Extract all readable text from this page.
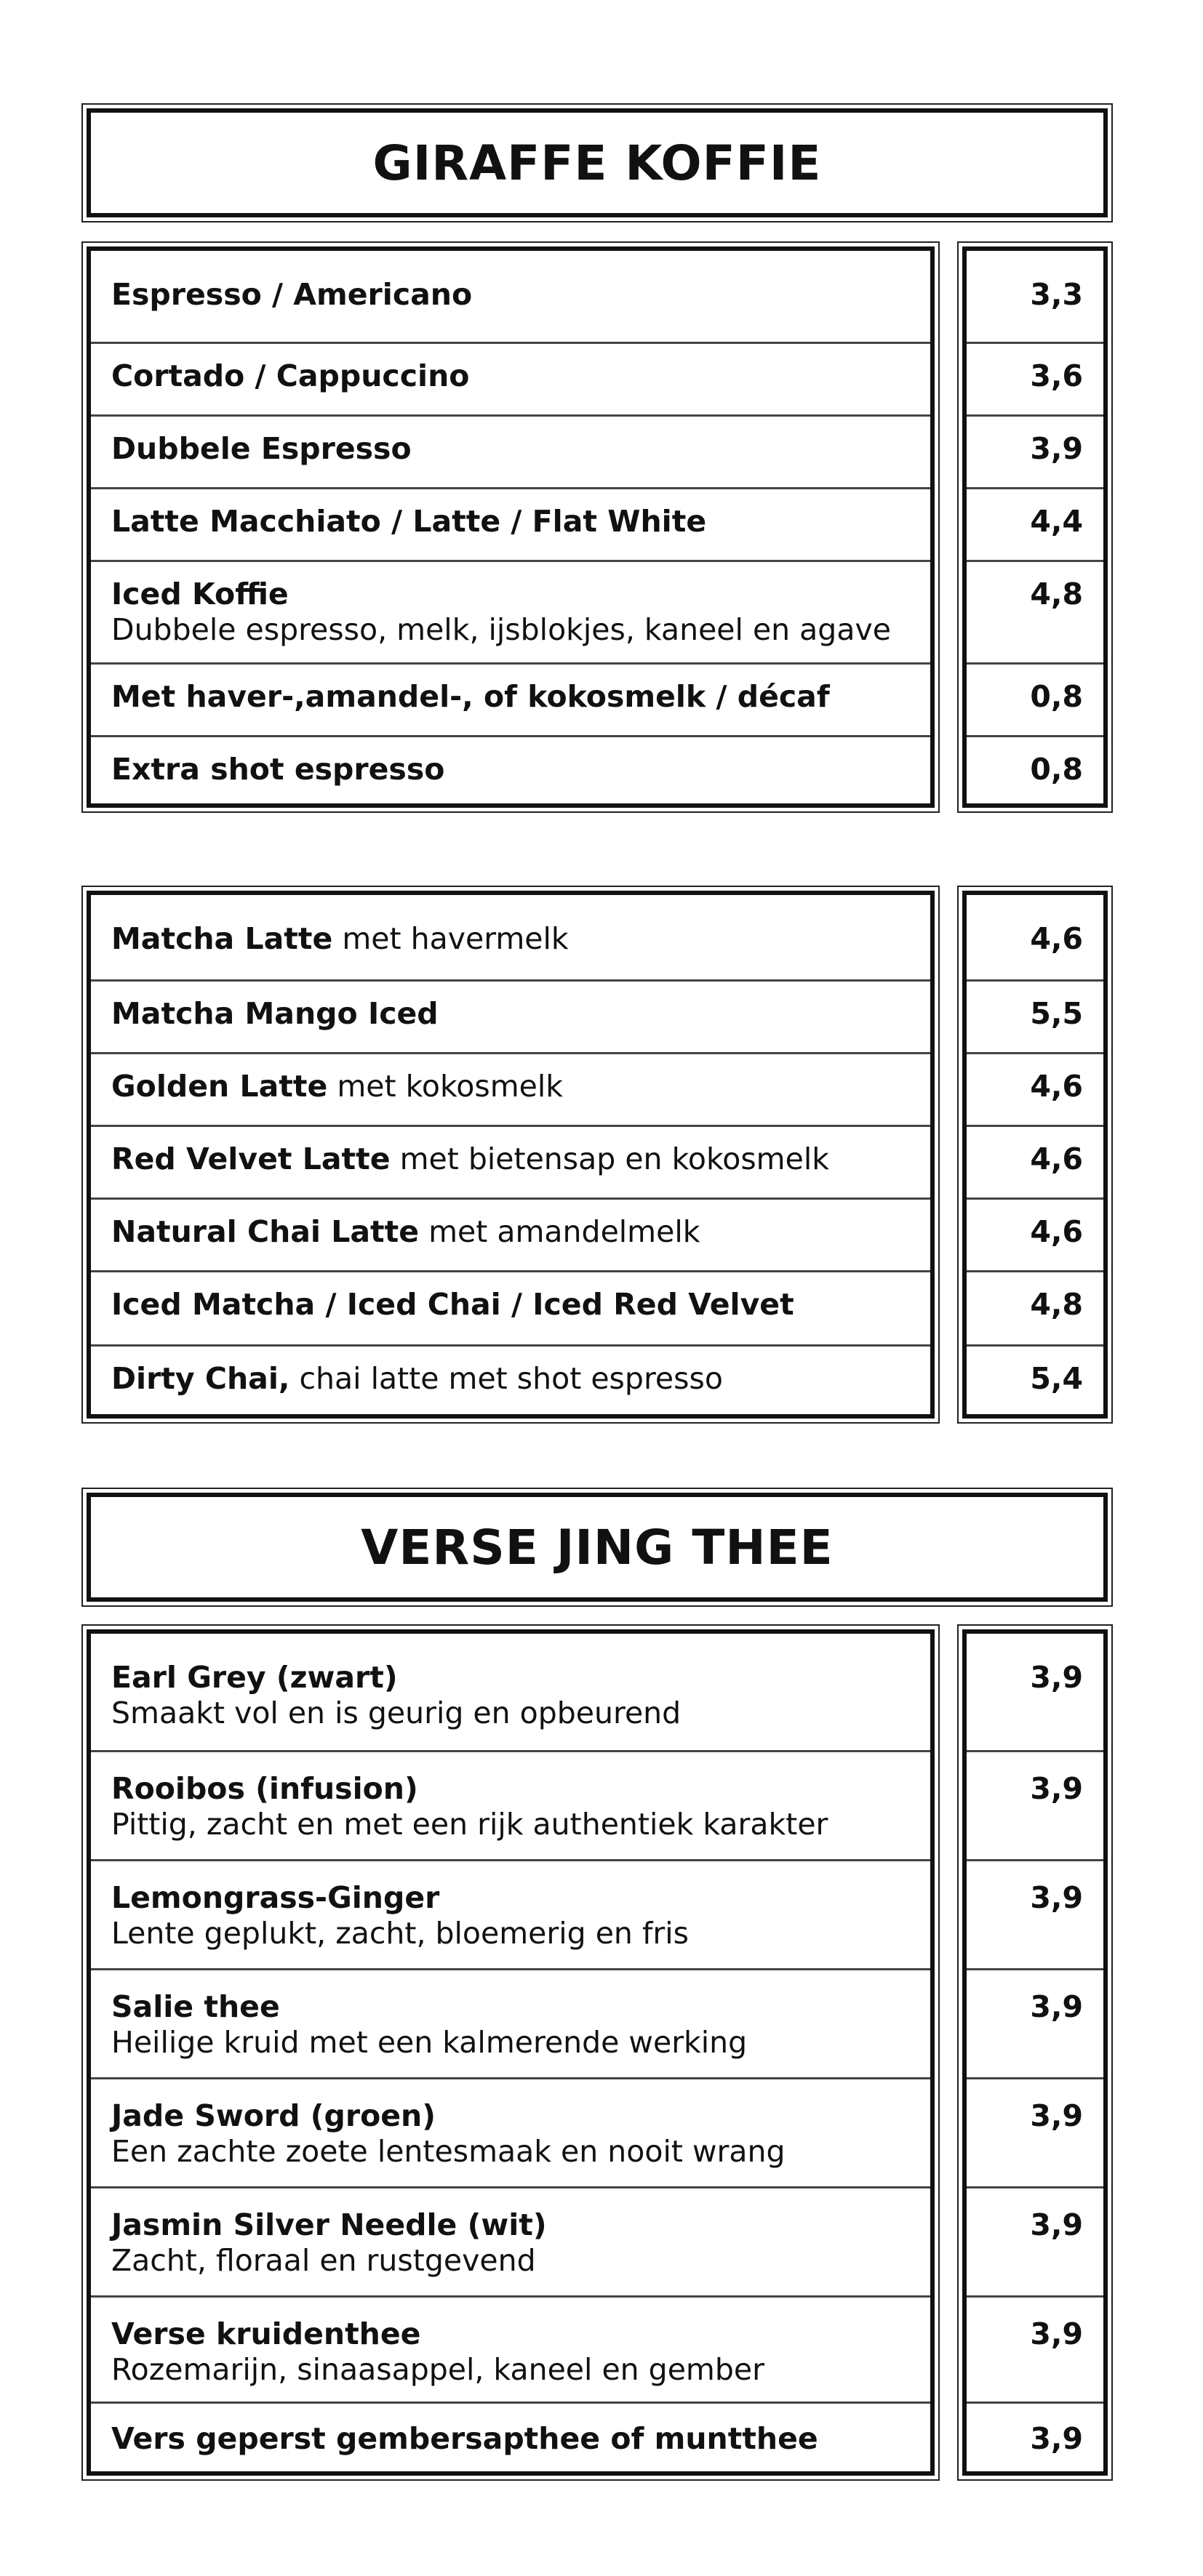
GIRAFFE KOFFIE
Espresso / Americano
Cortado / Cappuccino
Dubbele Espresso
Latte Macchiato / Latte / Flat White
Iced Koffie
Dubbele espresso, melk, ijsblokjes, kaneel en agave
Met haver-,amandel-, of kokosmelk / décaf
Extra shot espresso
3,3
3,6
3,9
4,4
4,8
0,8
0,8
Matcha Latte met havermelk
Matcha Mango Iced
Golden Latte met kokosmelk
Red Velvet Latte met bietensap en kokosmelk
Natural Chai Latte met amandelmelk
Iced Matcha / Iced Chai / Iced Red Velvet
Dirty Chai, chai latte met shot espresso
4,6
5,5
4,6
4,6
4,6
4,8
5,4
VERSE JING THEE
Earl Grey (zwart)
Smaakt vol en is geurig en opbeurend
Rooibos (infusion)
Pittig, zacht en met een rijk authentiek karakter
Lemongrass-Ginger
Lente geplukt, zacht, bloemerig en fris
Salie thee
Heilige kruid met een kalmerende werking
Jade Sword (groen)
Een zachte zoete lentesmaak en nooit wrang
Jasmin Silver Needle (wit)
Zacht, floraal en rustgevend
Verse kruidenthee
Rozemarijn, sinaasappel, kaneel en gember
Vers geperst gembersapthee of muntthee
3,9
3,9
3,9
3,9
3,9
3,9
3,9
3,9
